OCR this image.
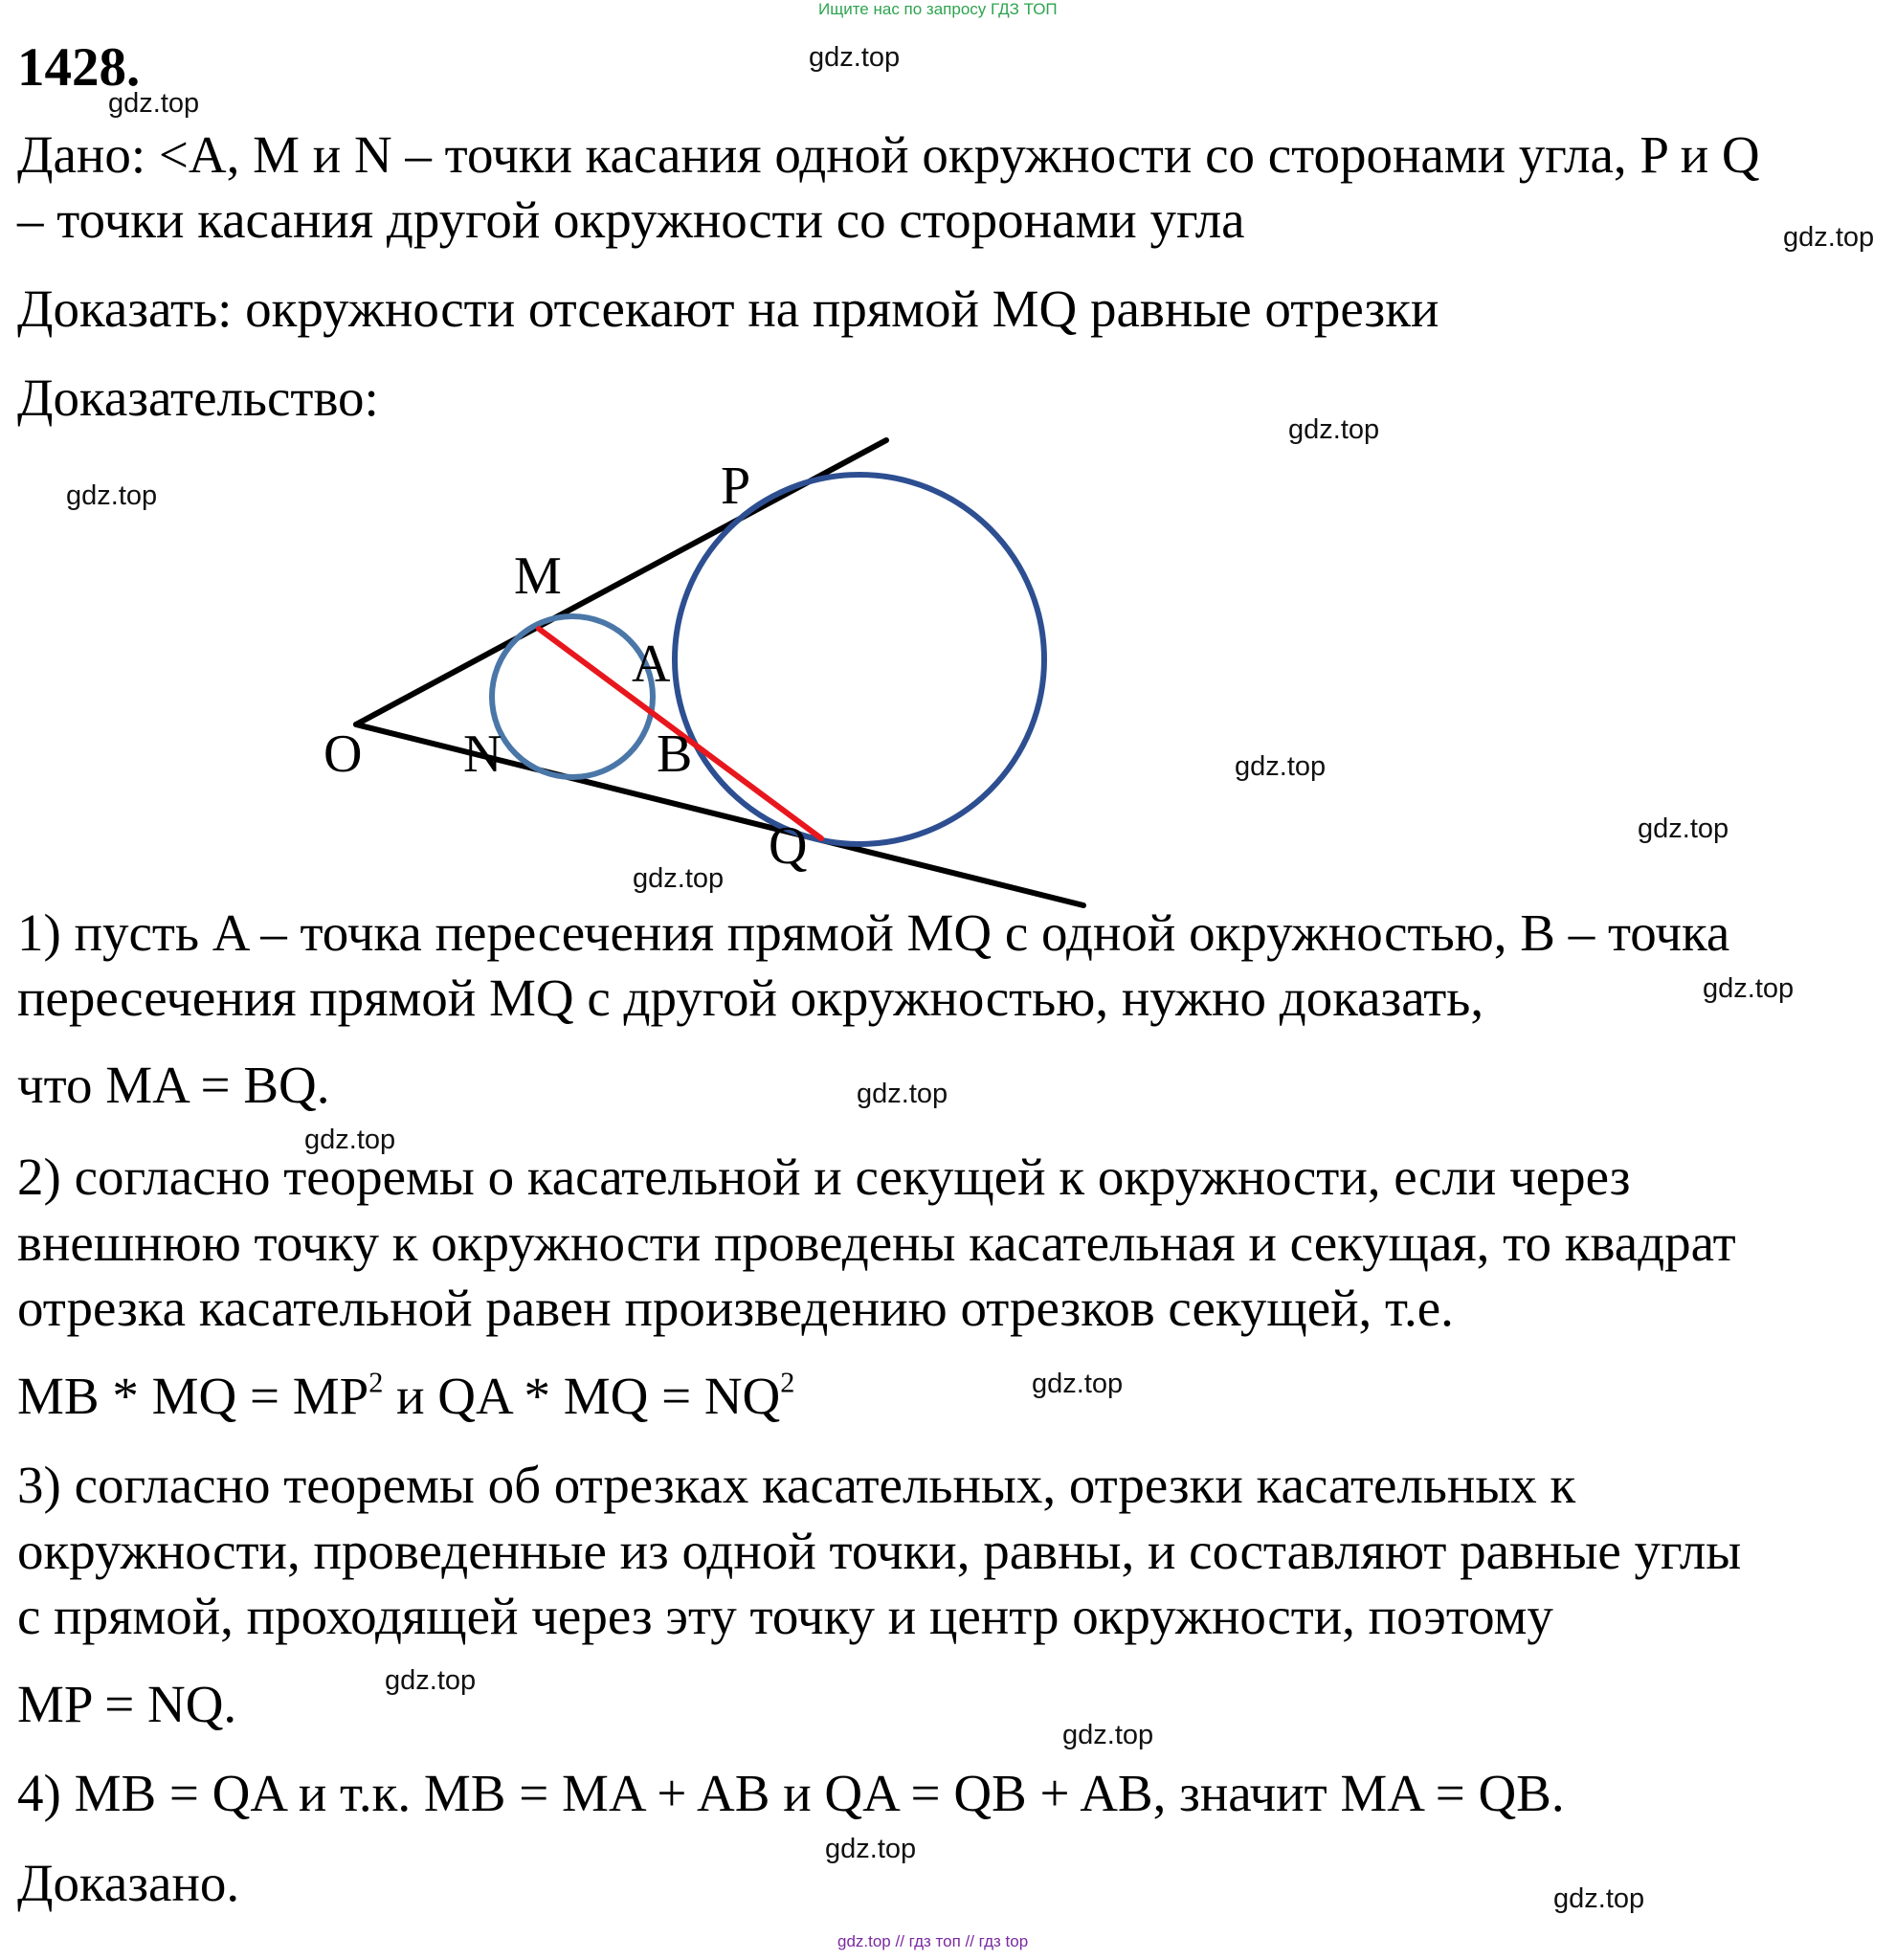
Ищите нас по запросу ГДЗ ТОП
1428.
Дано: <A, M и N – точки касания одной окружности со сторонами угла, P и Q
– точки касания другой окружности со сторонами угла
Доказать: окружности отсекают на прямой MQ равные отрезки
Доказательство:
P
M
A
O N	B
Q
1) пусть A – точка пересечения прямой MQ с одной окружностью, B – точка
пересечения прямой MQ с другой окружностью, нужно доказать,
что MA = BQ.
2) согласно теоремы о касательной и секущей к окружности, если через
внешнюю точку к окружности проведены касательная и секущая, то квадрат
отрезка касательной равен произведению отрезков секущей, т.е.
MB * MQ = $MP^2$ и QA * MQ = $NQ^2$
3) согласно теоремы об отрезках касательных, отрезки касательных к
окружности, проведенные из одной точки, равны, и составляют равные углы
с прямой, проходящей через эту точку и центр окружности, поэтому
MP = NQ.
4) MB = QA и т.к. MB = MA + AB и QA = QB + AB, значит MA = QB.
Доказано.
gdz.top
gdz.top
gdz.top
gdz.top
gdz.top
gdz.top
gdz.top
gdz.top
gdz.top
gdz.top
gdz.top
gdz.top
gdz.top
gdz.top
gdz.top
gdz.top
gdz.top // гдз топ // гдз top
